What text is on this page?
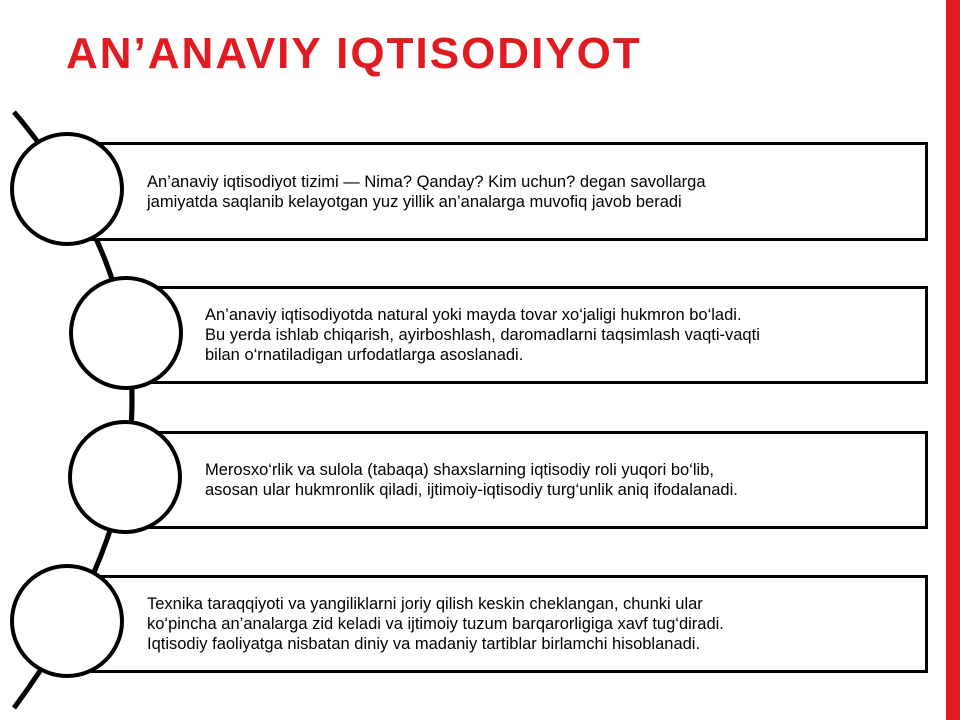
AN’ANAVIY IQTISODIYOT

An’anaviy iqtisodiyot tizimi — Nima? Qanday? Kim uchun? degan savollarga
jamiyatda saqlanib kelayotgan yuz yillik an’analarga muvofiq javob beradi

An’anaviy iqtisodiyotda natural yoki mayda tovar xo‘jaligi hukmron bo‘ladi.
Bu yerda ishlab chiqarish, ayirboshlash, daromadlarni taqsimlash vaqti-vaqti
bilan o‘rnatiladigan urfodatlarga asoslanadi.

Merosxo‘rlik va sulola (tabaqa) shaxslarning iqtisodiy roli yuqori bo‘lib,
asosan ular hukmronlik qiladi, ijtimoiy-iqtisodiy turg‘unlik aniq ifodalanadi.

Texnika taraqqiyoti va yangiliklarni joriy qilish keskin cheklangan, chunki ular
ko‘pincha an’analarga zid keladi va ijtimoiy tuzum barqarorligiga xavf tug‘diradi.
Iqtisodiy faoliyatga nisbatan diniy va madaniy tartiblar birlamchi hisoblanadi.
